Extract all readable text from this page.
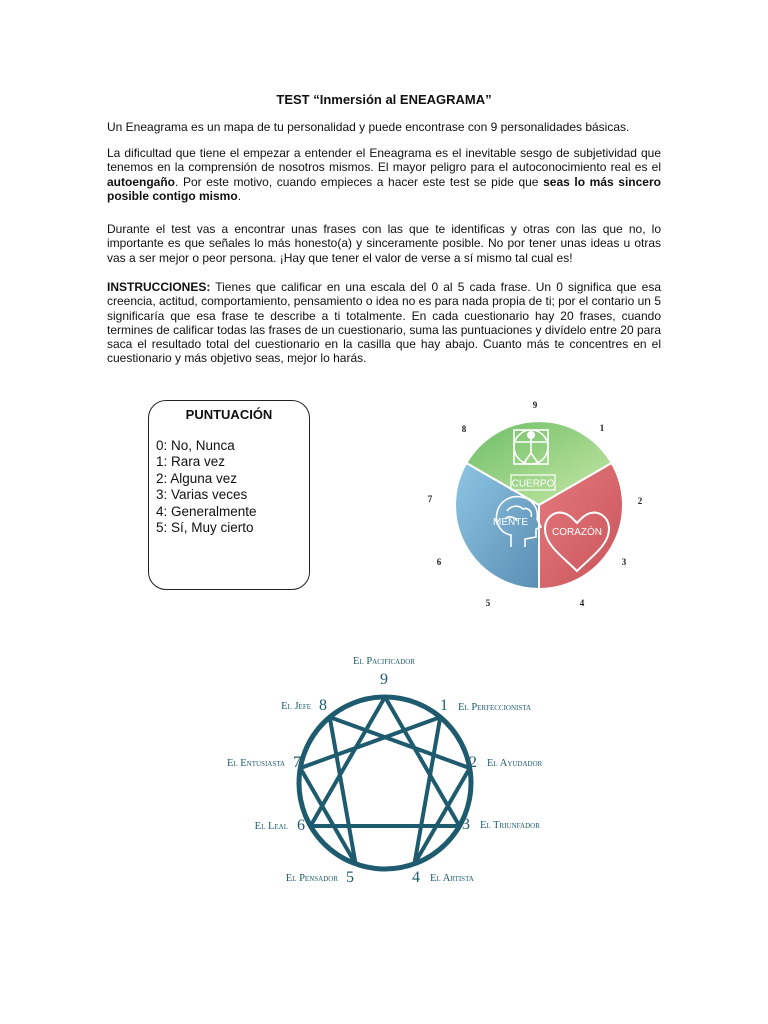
TEST “Inmersión al ENEAGRAMA”
Un Eneagrama es un mapa de tu personalidad y puede encontrase con 9 personalidades básicas.
La dificultad que tiene el empezar a entender el Eneagrama es el inevitable sesgo de subjetividad que tenemos en la comprensión de nosotros mismos. El mayor peligro para el autoconocimiento real es el autoengaño. Por este motivo, cuando empieces a hacer este test se pide que seas lo más sincero posible contigo mismo.
Durante el test vas a encontrar unas frases con las que te identificas y otras con las que no, lo importante es que señales lo más honesto(a) y sinceramente posible. No por tener unas ideas u otras vas a ser mejor o peor persona. ¡Hay que tener el valor de verse a sí mismo tal cual es!
INSTRUCCIONES: Tienes que calificar en una escala del 0 al 5 cada frase. Un 0 significa que esa creencia, actitud, comportamiento, pensamiento o idea no es para nada propia de ti; por el contario un 5 significaría que esa frase te describe a ti totalmente. En cada cuestionario hay 20 frases, cuando termines de calificar todas las frases de un cuestionario, suma las puntuaciones y divídelo entre 20 para saca el resultado total del cuestionario en la casilla que hay abajo. Cuanto más te concentres en el cuestionario y más objetivo seas, mejor lo harás.
PUNTUACIÓN
0: No, Nunca
1: Rara vez
2: Alguna vez
3: Varias veces
4: Generalmente
5: Sí, Muy cierto
CUERPO
MENTE
CORAZÓN
9
1
2
3
4
5
6
7
8
9
1
2
3
4
5
6
7
8
El Pacificador
El Perfeccionista
El Ayudador
El Triunfador
El Artista
El Pensador
El Leal
El Entusiasta
El Jefe
